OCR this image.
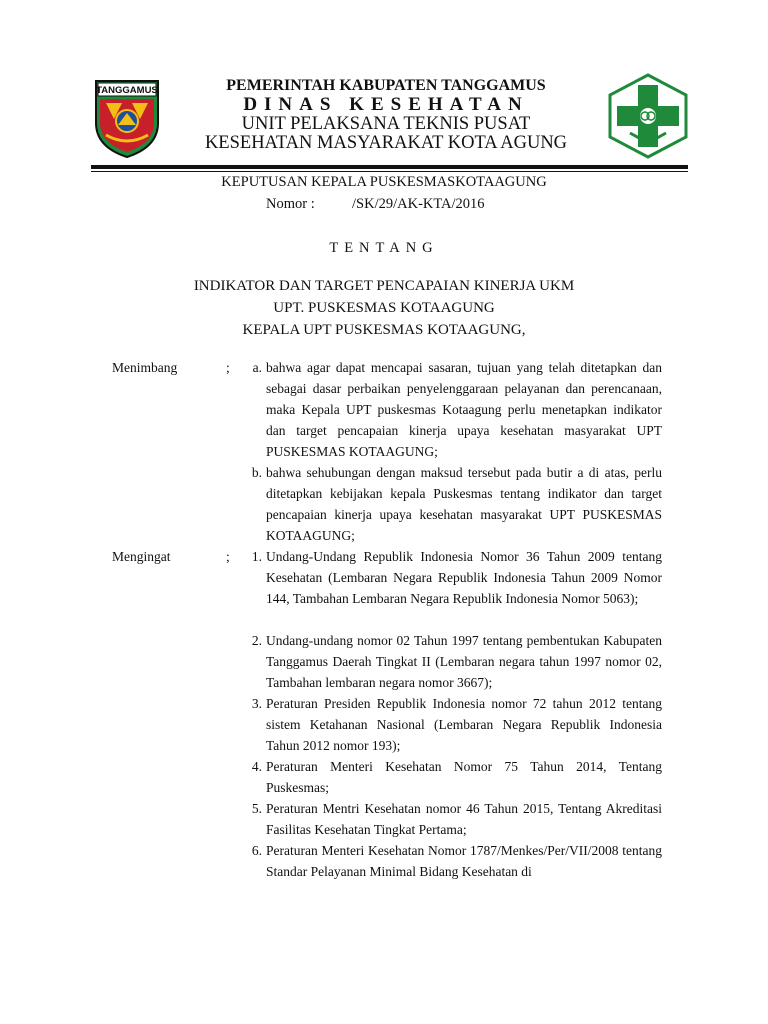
TANGGAMUS	PEMERINTAH KABUPATEN TANGGAMUS
DINAS KESEHATAN
UNIT PELAKSANA TEKNIS PUSAT
KESEHATAN MASYARAKAT KOTA AGUNG
KEPUTUSAN KEPALA PUSKESMASKOTAAGUNG
Nomor :	/SK/29/AK-KTA/2016
TENTANG
INDIKATOR DAN TARGET PENCAPAIAN KINERJA UKM
UPT. PUSKESMAS KOTAAGUNG
KEPALA UPT PUSKESMAS KOTAAGUNG,
Menimbang	;	a. bahwa agar dapat mencapai sasaran, tujuan yang telah ditetapkan dan sebagai dasar perbaikan penyelenggaraan pelayanan dan perencanaan, maka Kepala UPT puskesmas Kotaagung perlu menetapkan indikator dan target pencapaian kinerja upaya kesehatan masyarakat UPT PUSKESMAS KOTAAGUNG;

b. bahwa sehubungan dengan maksud tersebut pada butir a di atas, perlu ditetapkan kebijakan kepala Puskesmas tentang indikator dan target pencapaian kinerja upaya kesehatan masyarakat UPT PUSKESMAS KOTAAGUNG;

Mengingat	;	1. Undang-Undang Republik Indonesia Nomor 36 Tahun 2009 tentang Kesehatan (Lembaran Negara Republik Indonesia Tahun 2009 Nomor 144, Tambahan Lembaran Negara Republik Indonesia Nomor 5063);

2. Undang-undang nomor 02 Tahun 1997 tentang pembentukan Kabupaten Tanggamus Daerah Tingkat II (Lembaran negara tahun 1997 nomor 02, Tambahan lembaran negara nomor 3667);

3. Peraturan Presiden Republik Indonesia nomor 72 tahun 2012 tentang sistem Ketahanan Nasional (Lembaran Negara Republik Indonesia Tahun 2012 nomor 193);

4. Peraturan Menteri Kesehatan Nomor 75 Tahun 2014, Tentang Puskesmas;

5. Peraturan Mentri Kesehatan nomor 46 Tahun 2015, Tentang Akreditasi Fasilitas Kesehatan Tingkat Pertama;

6. Peraturan Menteri Kesehatan Nomor 1787/Menkes/Per/VII/2008 tentang Standar Pelayanan Minimal Bidang Kesehatan di
